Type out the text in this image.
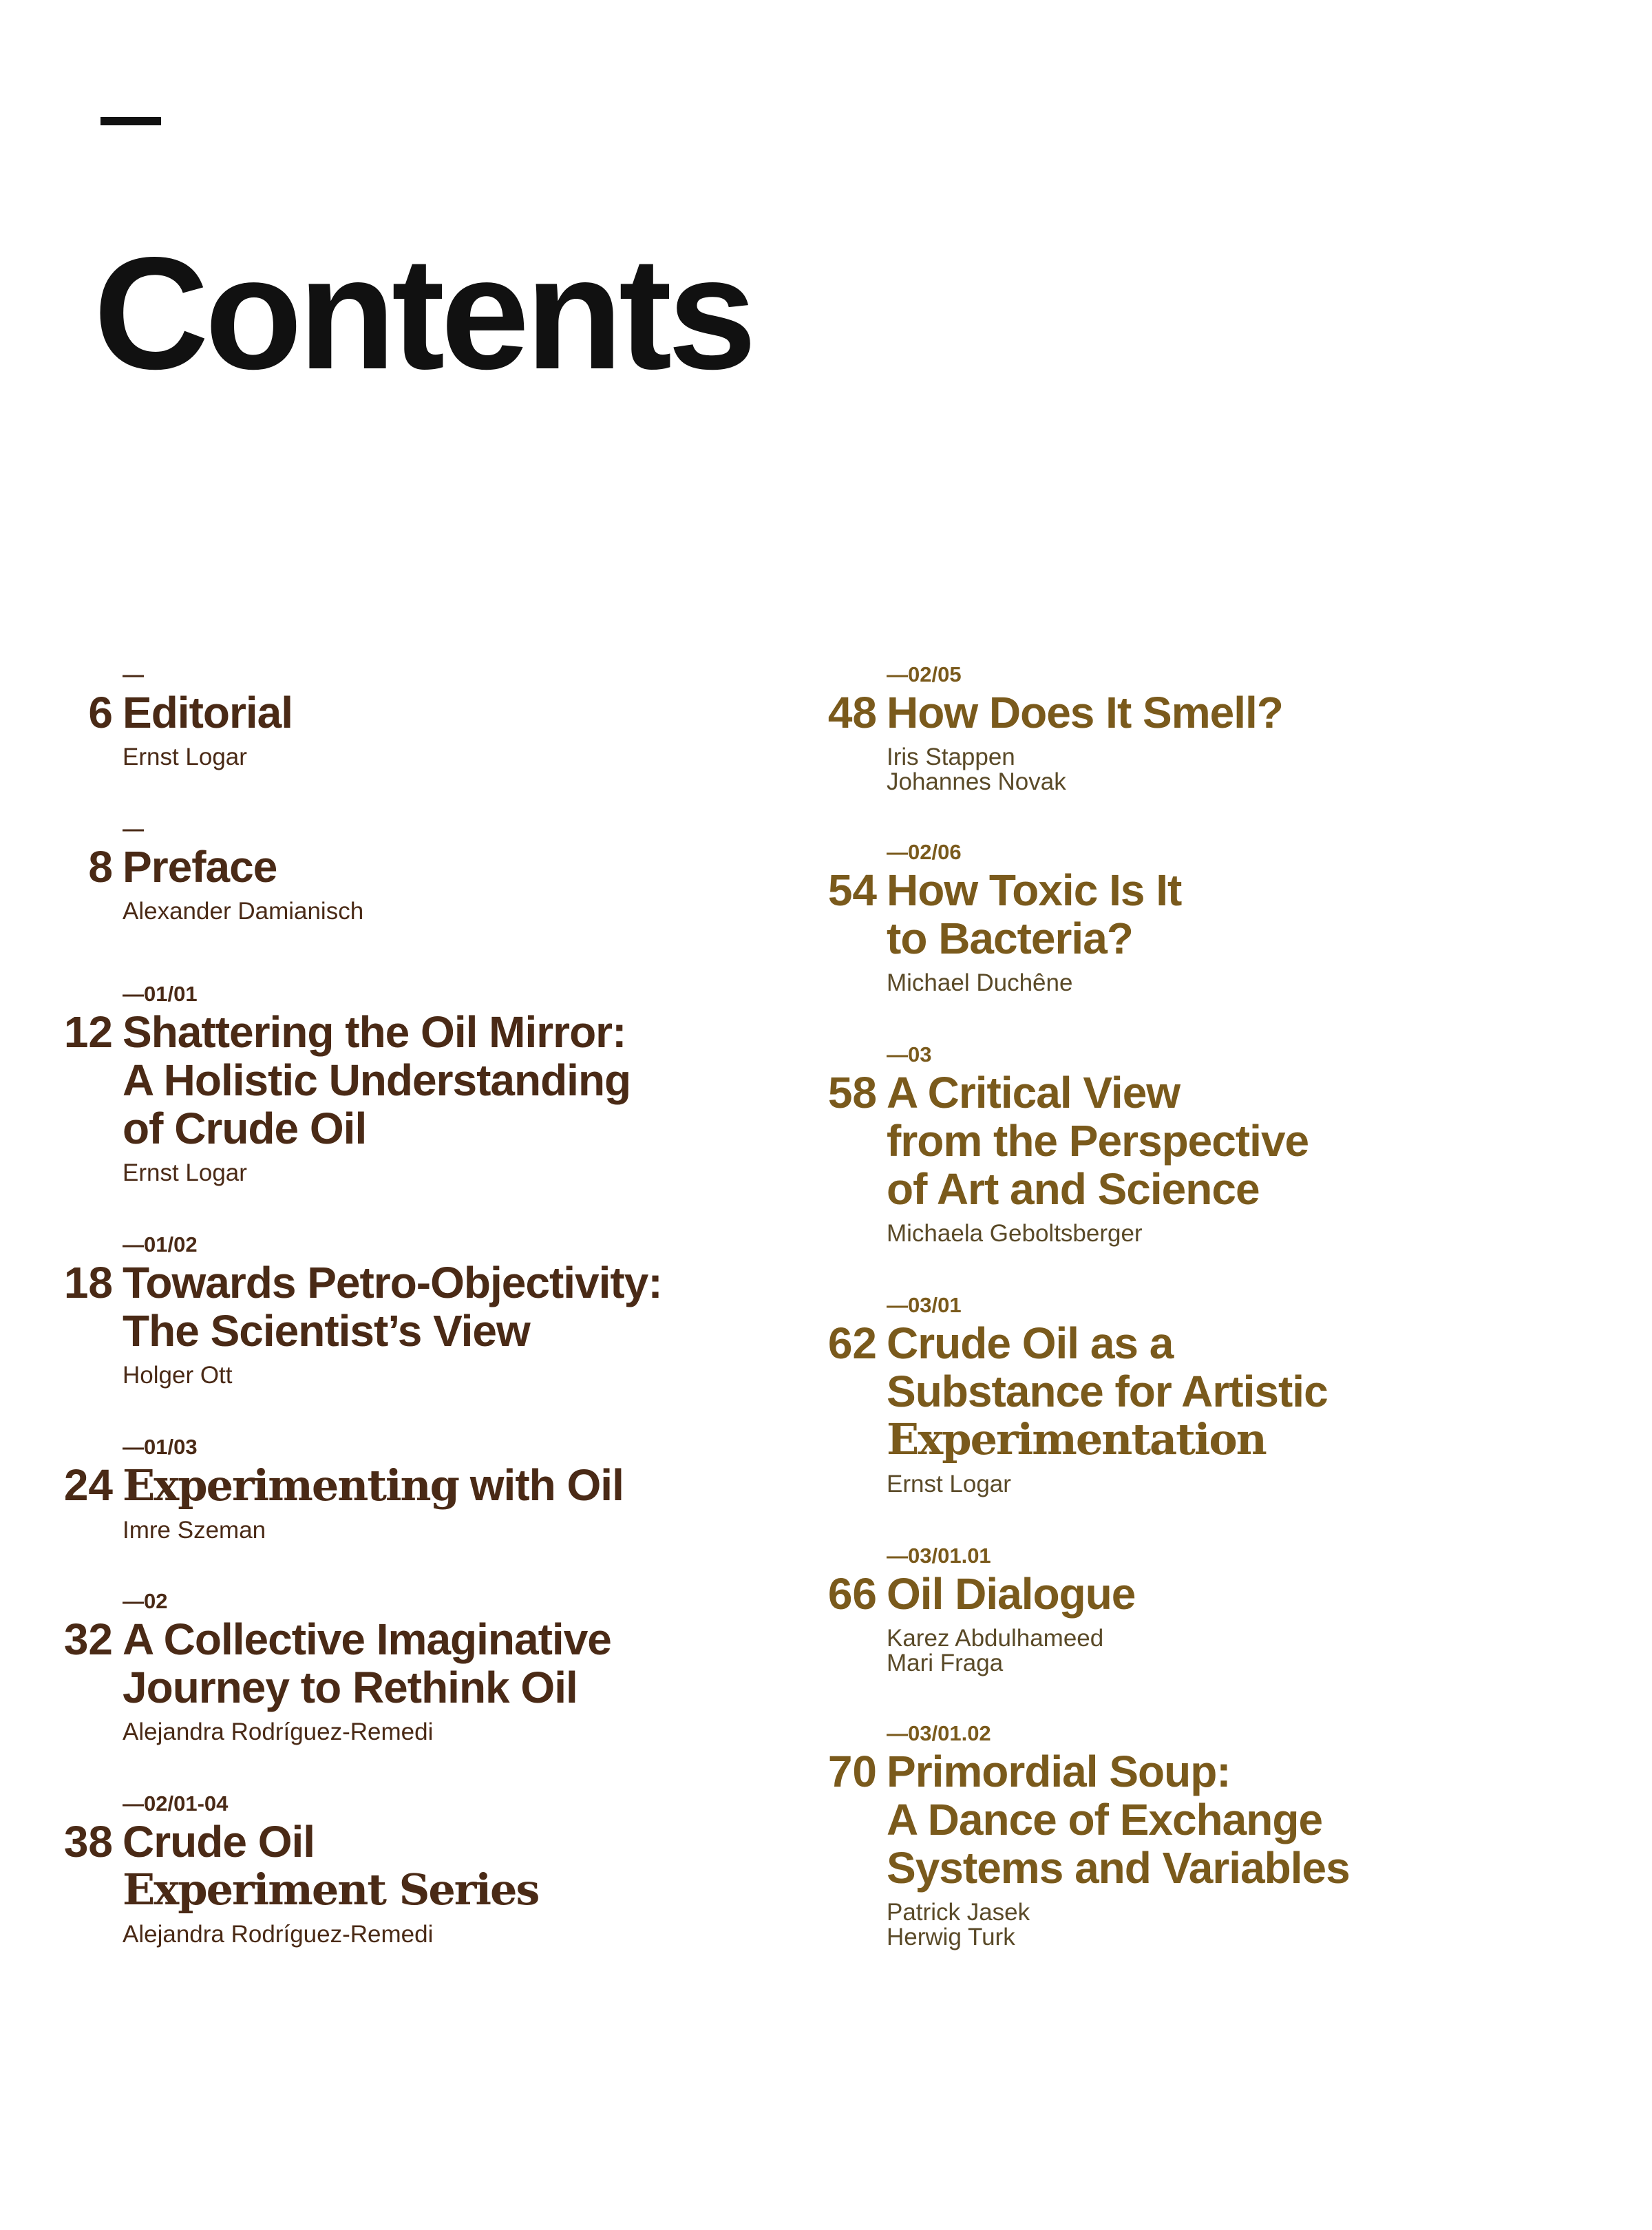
Contents
—
6 Editorial
Ernst Logar
—
8 Preface
Alexander Damianisch
—01/01
12 Shattering the Oil Mirror:
A Holistic Understanding
of Crude Oil
Ernst Logar
—01/02
18 Towards Petro-Objectivity:
The Scientist’s View
Holger Ott
—01/03
24 Experimenting with Oil
Imre Szeman
—02
32 A Collective Imaginative
Journey to Rethink Oil
Alejandra Rodríguez-Remedi
—02/01-04
38 Crude Oil
Experiment Series
Alejandra Rodríguez-Remedi
—02/05
48 How Does It Smell?
Iris Stappen
Johannes Novak
—02/06
54 How Toxic Is It
to Bacteria?
Michael Duchêne
—03
58 A Critical View
from the Perspective
of Art and Science
Michaela Geboltsberger
—03/01
62 Crude Oil as a
Substance for Artistic
Experimentation
Ernst Logar
—03/01.01
66 Oil Dialogue
Karez Abdulhameed
Mari Fraga
—03/01.02
70 Primordial Soup:
A Dance of Exchange
Systems and Variables
Patrick Jasek
Herwig Turk
